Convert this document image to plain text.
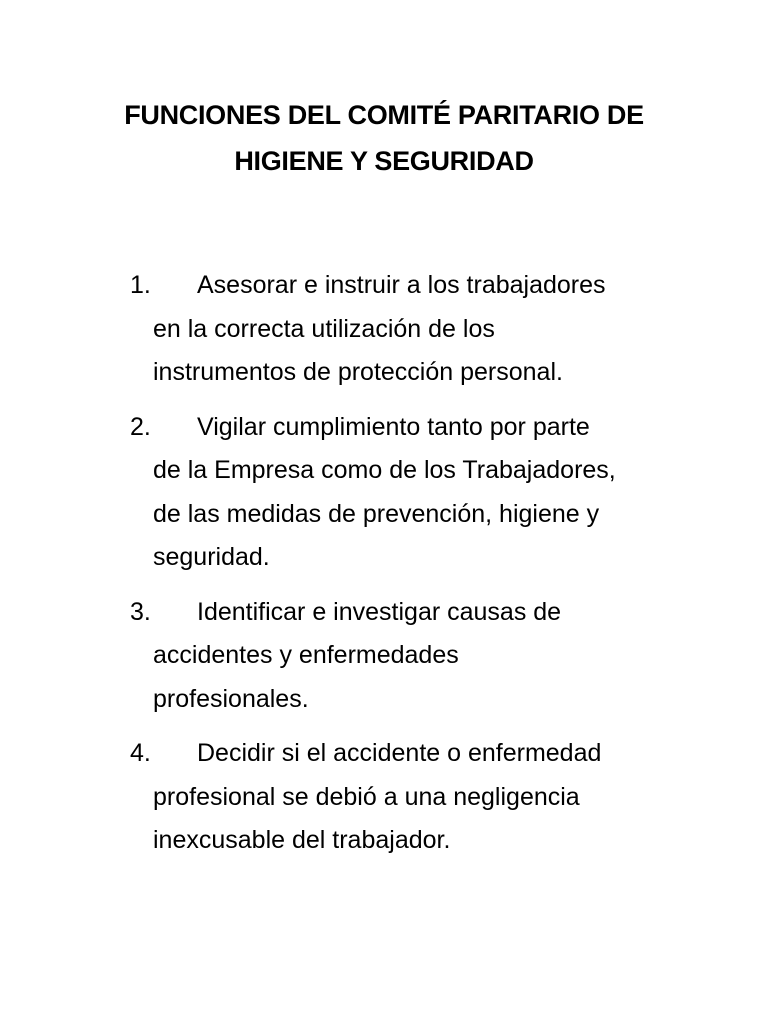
FUNCIONES DEL COMITÉ PARITARIO DE
HIGIENE Y SEGURIDAD
1.	Asesorar e instruir a los trabajadores
en la correcta utilización de los
instrumentos de protección personal.
2.	Vigilar cumplimiento tanto por parte
de la Empresa como de los Trabajadores,
de las medidas de prevención, higiene y
seguridad.
3.	Identificar e investigar causas de
accidentes y enfermedades
profesionales.
4.	Decidir si el accidente o enfermedad
profesional se debió a una negligencia
inexcusable del trabajador.
